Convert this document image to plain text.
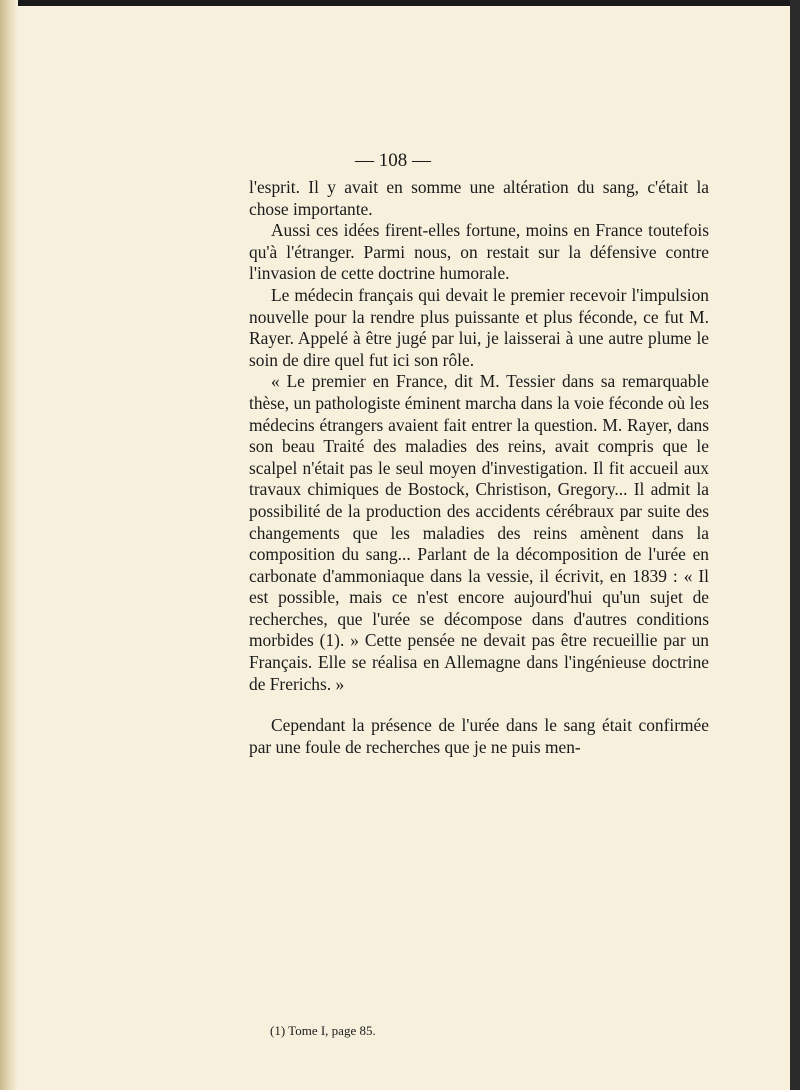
— 108 —

l'esprit. Il y avait en somme une altération du sang, c'était la chose importante.

Aussi ces idées firent-elles fortune, moins en France toutefois qu'à l'étranger. Parmi nous, on restait sur la défensive contre l'invasion de cette doctrine humorale.

Le médecin français qui devait le premier recevoir l'impulsion nouvelle pour la rendre plus puissante et plus féconde, ce fut M. Rayer. Appelé à être jugé par lui, je laisserai à une autre plume le soin de dire quel fut ici son rôle.

« Le premier en France, dit M. Tessier dans sa remarquable thèse, un pathologiste éminent marcha dans la voie féconde où les médecins étrangers avaient fait entrer la question. M. Rayer, dans son beau Traité des maladies des reins, avait compris que le scalpel n'était pas le seul moyen d'investigation. Il fit accueil aux travaux chimiques de Bostock, Christison, Gregory... Il admit la possibilité de la production des accidents cérébraux par suite des changements que les maladies des reins amènent dans la composition du sang... Parlant de la décomposition de l'urée en carbonate d'ammoniaque dans la vessie, il écrivit, en 1839 : « Il est possible, mais ce n'est encore aujourd'hui qu'un sujet de recherches, que l'urée se décompose dans d'autres conditions morbides (1). » Cette pensée ne devait pas être recueillie par un Français. Elle se réalisa en Allemagne dans l'ingénieuse doctrine de Frerichs. »

Cependant la présence de l'urée dans le sang était confirmée par une foule de recherches que je ne puis men-

(1) Tome I, page 85.
